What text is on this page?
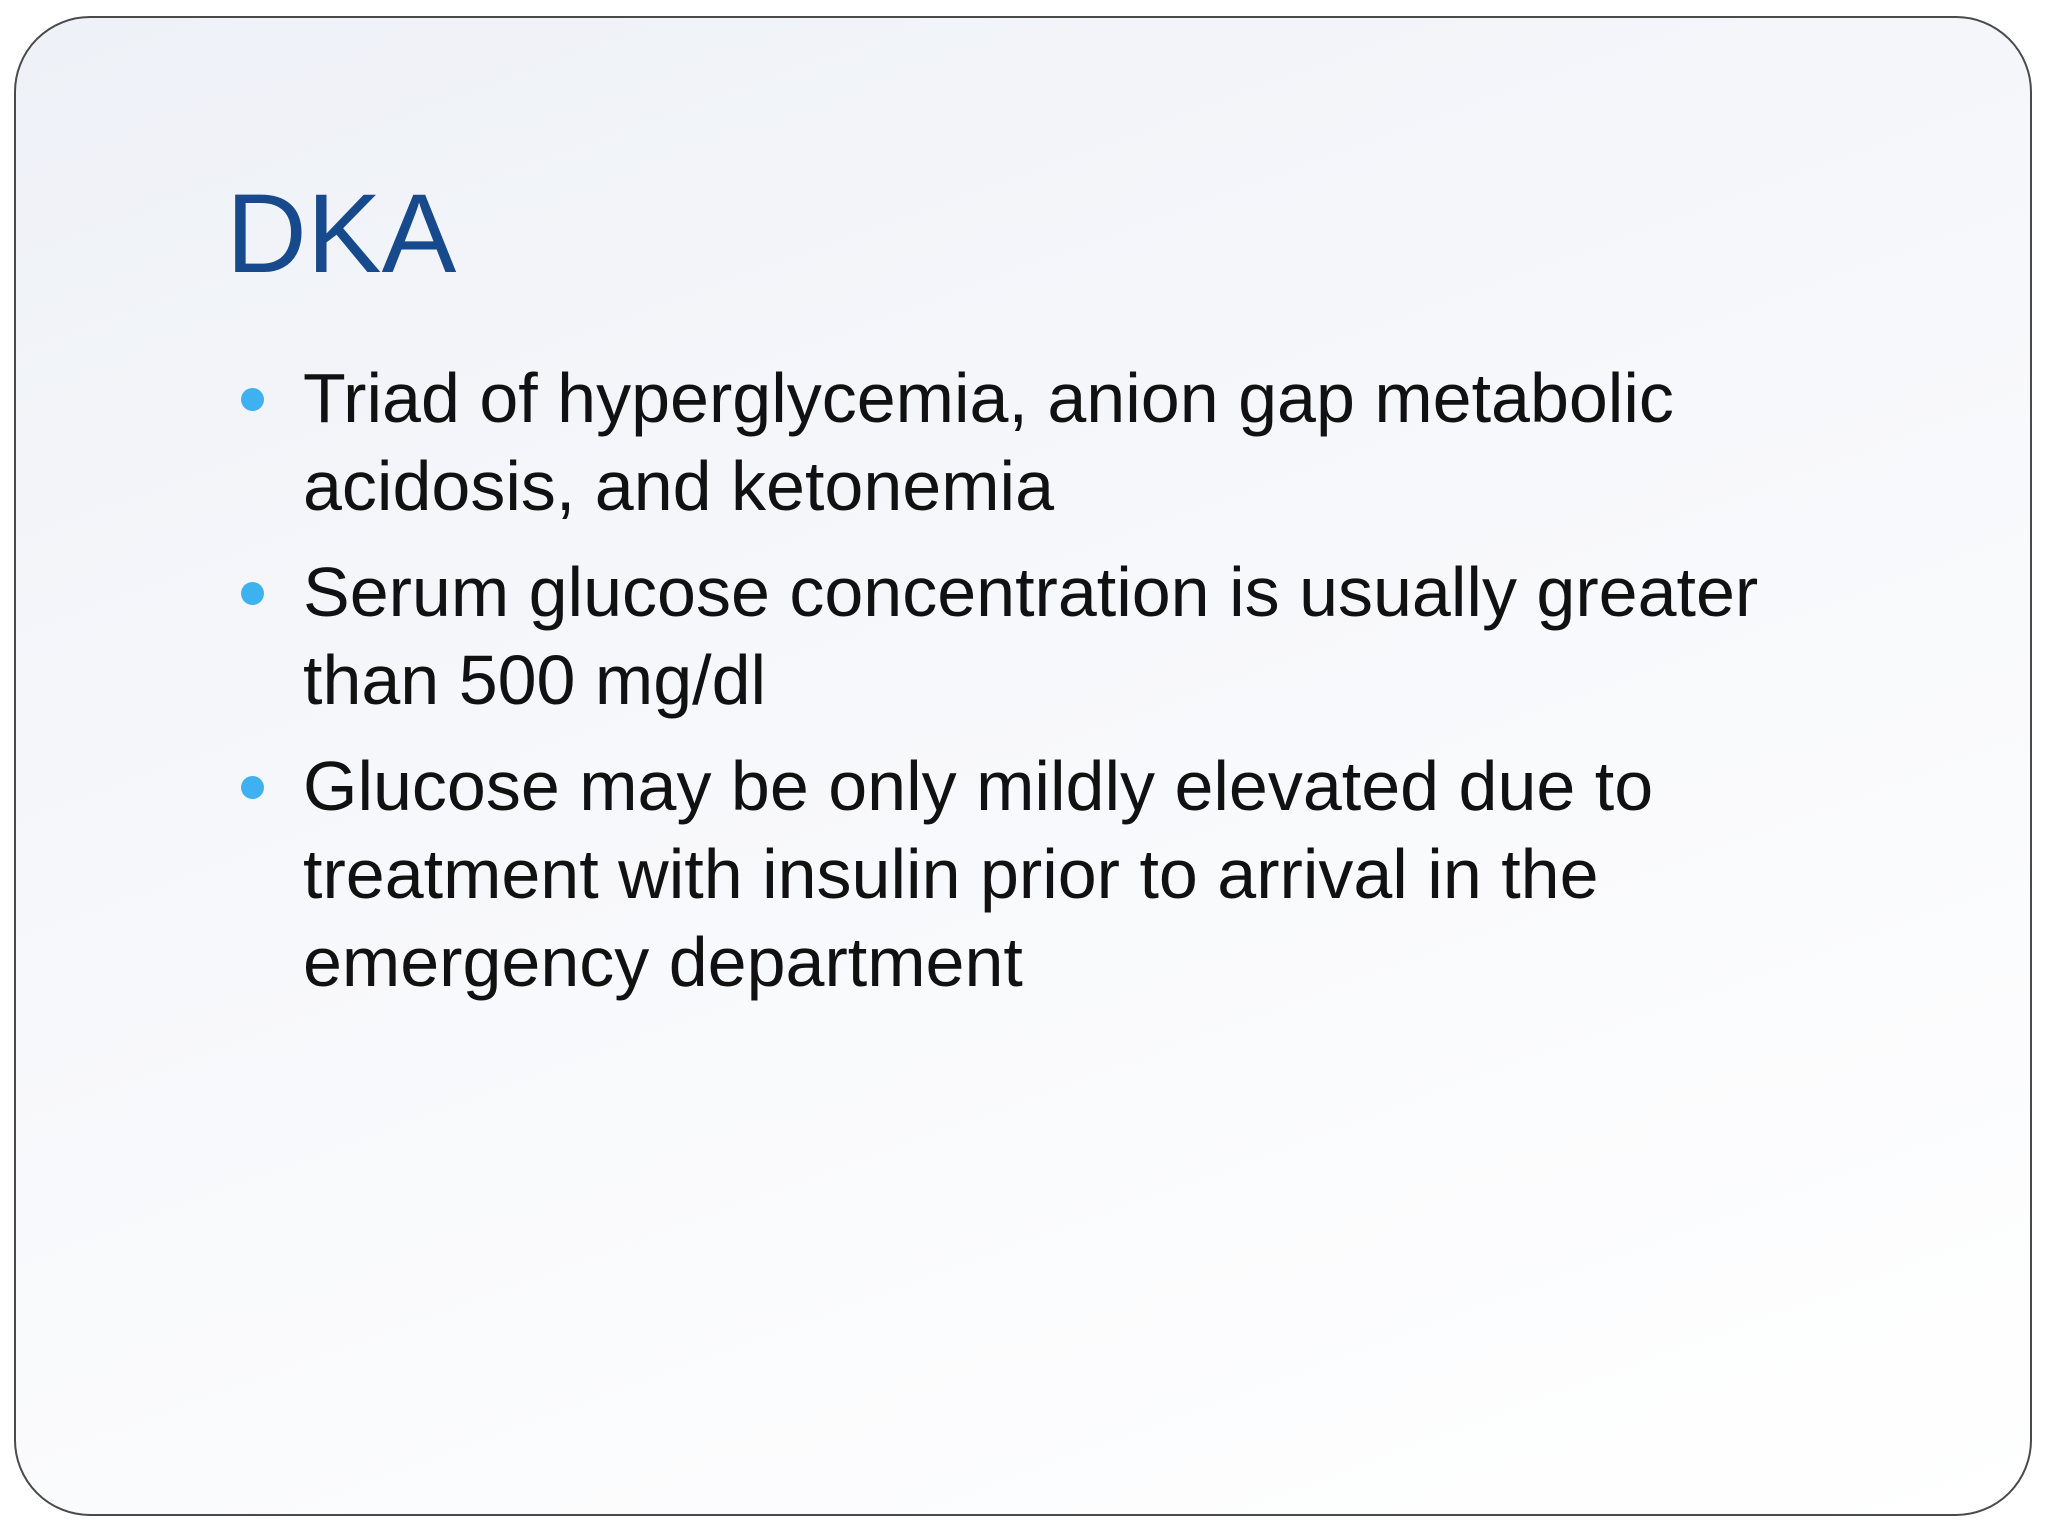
DKA
Triad of hyperglycemia, anion gap metabolic acidosis, and ketonemia
Serum glucose concentration is usually greater than 500 mg/dl
Glucose may be only mildly elevated due to treatment with insulin prior to arrival in the emergency department
